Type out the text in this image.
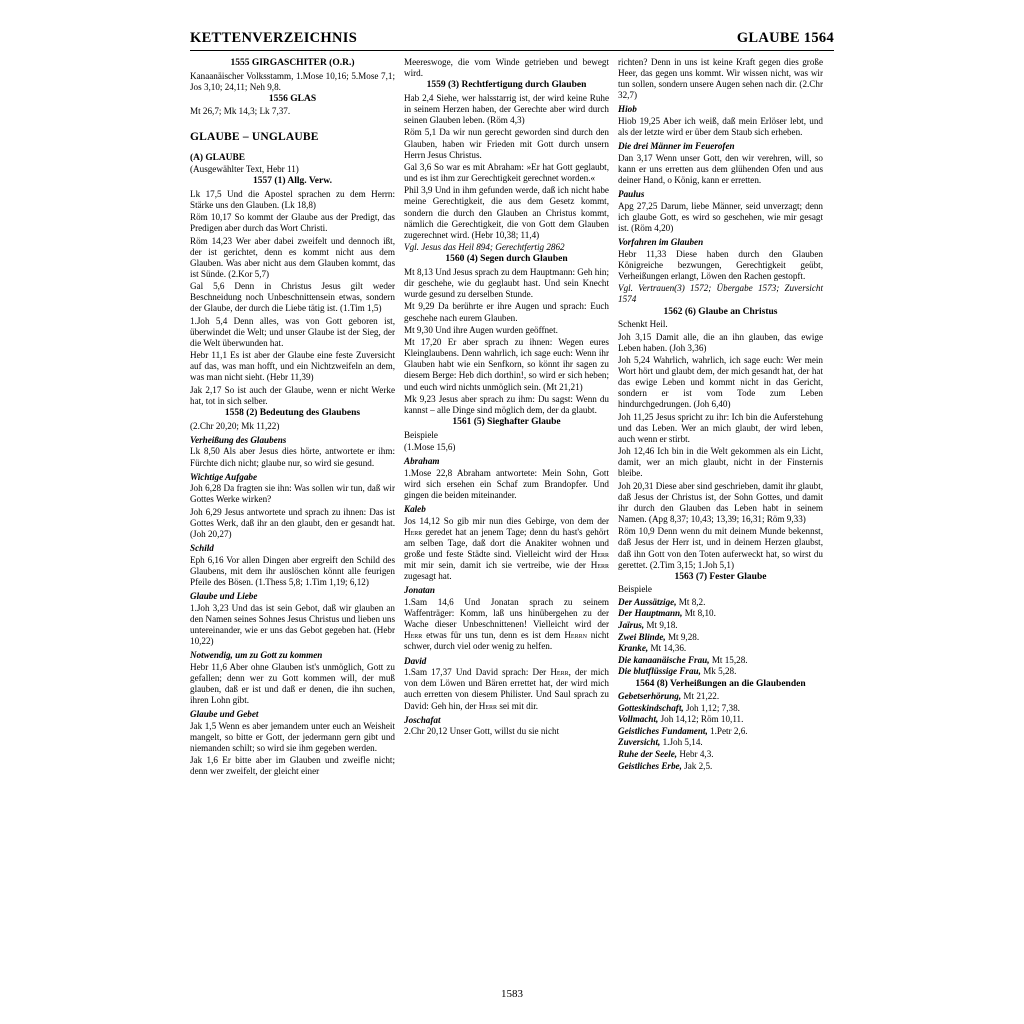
KETTENVERZEICHNIS	GLAUBE 1564
1555 GIRGASCHITER (O.R.)

Kanaanäischer Volksstamm, 1.Mose 10,16; 5.Mose 7,1; Jos 3,10; 24,11; Neh 9,8.

1556 GLAS

Mt 26,7; Mk 14,3; Lk 7,37.

GLAUBE – UNGLAUBE
(A) GLAUBE

(Ausgewählter Text, Hebr 11)

1557 (1) Allg. Verw.

Lk 17,5 Und die Apostel sprachen zu dem Herrn: Stärke uns den Glauben. (Lk 18,8)

Röm 10,17 So kommt der Glaube aus der Predigt, das Predigen aber durch das Wort Christi.

Röm 14,23 Wer aber dabei zweifelt und dennoch ißt, der ist gerichtet, denn es kommt nicht aus dem Glauben. Was aber nicht aus dem Glauben kommt, das ist Sünde. (2.Kor 5,7)

Gal 5,6 Denn in Christus Jesus gilt weder Beschneidung noch Unbeschnittensein etwas, sondern der Glaube, der durch die Liebe tätig ist. (1.Tim 1,5)

1.Joh 5,4 Denn alles, was von Gott geboren ist, überwindet die Welt; und unser Glaube ist der Sieg, der die Welt überwunden hat.

Hebr 11,1 Es ist aber der Glaube eine feste Zuversicht auf das, was man hofft, und ein Nichtzweifeln an dem, was man nicht sieht. (Hebr 11,39)

Jak 2,17 So ist auch der Glaube, wenn er nicht Werke hat, tot in sich selber.

1558 (2) Bedeutung des Glaubens

(2.Chr 20,20; Mk 11,22)

Verheißung des Glaubens

Lk 8,50 Als aber Jesus dies hörte, antwortete er ihm: Fürchte dich nicht; glaube nur, so wird sie gesund.

Wichtige Aufgabe

Joh 6,28 Da fragten sie ihn: Was sollen wir tun, daß wir Gottes Werke wirken?

Joh 6,29 Jesus antwortete und sprach zu ihnen: Das ist Gottes Werk, daß ihr an den glaubt, den er gesandt hat. (Joh 20,27)

Schild

Eph 6,16 Vor allen Dingen aber ergreift den Schild des Glaubens, mit dem ihr auslöschen könnt alle feurigen Pfeile des Bösen. (1.Thess 5,8; 1.Tim 1,19; 6,12)

Glaube und Liebe

1.Joh 3,23 Und das ist sein Gebot, daß wir glauben an den Namen seines Sohnes Jesus Christus und lieben uns untereinander, wie er uns das Gebot gegeben hat. (Hebr 10,22)

Notwendig, um zu Gott zu kommen

Hebr 11,6 Aber ohne Glauben ist's unmöglich, Gott zu gefallen; denn wer zu Gott kommen will, der muß glauben, daß er ist und daß er denen, die ihn suchen, ihren Lohn gibt.

Glaube und Gebet

Jak 1,5 Wenn es aber jemandem unter euch an Weisheit mangelt, so bitte er Gott, der jedermann gern gibt und niemanden schilt; so wird sie ihm gegeben werden.

Jak 1,6 Er bitte aber im Glauben und zweifle nicht; denn wer zweifelt, der gleicht einer

Meereswoge, die vom Winde getrieben und bewegt wird.

1559 (3) Rechtfertigung durch Glauben

Hab 2,4 Siehe, wer halsstarrig ist, der wird keine Ruhe in seinem Herzen haben, der Gerechte aber wird durch seinen Glauben leben. (Röm 4,3)

Röm 5,1 Da wir nun gerecht geworden sind durch den Glauben, haben wir Frieden mit Gott durch unsern Herrn Jesus Christus.

Gal 3,6 So war es mit Abraham: »Er hat Gott geglaubt, und es ist ihm zur Gerechtigkeit gerechnet worden.«

Phil 3,9 Und in ihm gefunden werde, daß ich nicht habe meine Gerechtigkeit, die aus dem Gesetz kommt, sondern die durch den Glauben an Christus kommt, nämlich die Gerechtigkeit, die von Gott dem Glauben zugerechnet wird. (Hebr 10,38; 11,4)

Vgl. Jesus das Heil 894; Gerechtfertig 2862

1560 (4) Segen durch Glauben

Mt 8,13 Und Jesus sprach zu dem Hauptmann: Geh hin; dir geschehe, wie du geglaubt hast. Und sein Knecht wurde gesund zu derselben Stunde.

Mt 9,29 Da berührte er ihre Augen und sprach: Euch geschehe nach eurem Glauben.

Mt 9,30 Und ihre Augen wurden geöffnet.

Mt 17,20 Er aber sprach zu ihnen: Wegen eures Kleinglaubens. Denn wahrlich, ich sage euch: Wenn ihr Glauben habt wie ein Senfkorn, so könnt ihr sagen zu diesem Berge: Heb dich dorthin!, so wird er sich heben; und euch wird nichts unmöglich sein. (Mt 21,21)

Mk 9,23 Jesus aber sprach zu ihm: Du sagst: Wenn du kannst – alle Dinge sind möglich dem, der da glaubt.

1561 (5) Sieghafter Glaube

Beispiele

(1.Mose 15,6)

Abraham

1.Mose 22,8 Abraham antwortete: Mein Sohn, Gott wird sich ersehen ein Schaf zum Brandopfer. Und gingen die beiden miteinander.

Kaleb

Jos 14,12 So gib mir nun dies Gebirge, von dem der Herr geredet hat an jenem Tage; denn du hast's gehört am selben Tage, daß dort die Anakiter wohnen und große und feste Städte sind. Vielleicht wird der Herr mit mir sein, damit ich sie vertreibe, wie der Herr zugesagt hat.

Jonatan

1.Sam 14,6 Und Jonatan sprach zu seinem Waffenträger: Komm, laß uns hinübergehen zu der Wache dieser Unbeschnittenen! Vielleicht wird der Herr etwas für uns tun, denn es ist dem Herrn nicht schwer, durch viel oder wenig zu helfen.

David

1.Sam 17,37 Und David sprach: Der Herr, der mich von dem Löwen und Bären errettet hat, der wird mich auch erretten von diesem Philister. Und Saul sprach zu David: Geh hin, der Herr sei mit dir.

Joschafat

2.Chr 20,12 Unser Gott, willst du sie nicht

richten? Denn in uns ist keine Kraft gegen dies große Heer, das gegen uns kommt. Wir wissen nicht, was wir tun sollen, sondern unsere Augen sehen nach dir. (2.Chr 32,7)

Hiob

Hiob 19,25 Aber ich weiß, daß mein Erlöser lebt, und als der letzte wird er über dem Staub sich erheben.

Die drei Männer im Feuerofen

Dan 3,17 Wenn unser Gott, den wir verehren, will, so kann er uns erretten aus dem glühenden Ofen und aus deiner Hand, o König, kann er erretten.

Paulus

Apg 27,25 Darum, liebe Männer, seid unverzagt; denn ich glaube Gott, es wird so geschehen, wie mir gesagt ist. (Röm 4,20)

Vorfahren im Glauben

Hebr 11,33 Diese haben durch den Glauben Königreiche bezwungen, Gerechtigkeit geübt, Verheißungen erlangt, Löwen den Rachen gestopft.

Vgl. Vertrauen(3) 1572; Übergabe 1573; Zuversicht 1574

1562 (6) Glaube an Christus

Schenkt Heil.

Joh 3,15 Damit alle, die an ihn glauben, das ewige Leben haben. (Joh 3,36)

Joh 5,24 Wahrlich, wahrlich, ich sage euch: Wer mein Wort hört und glaubt dem, der mich gesandt hat, der hat das ewige Leben und kommt nicht in das Gericht, sondern er ist vom Tode zum Leben hindurchgedrungen. (Joh 6,40)

Joh 11,25 Jesus spricht zu ihr: Ich bin die Auferstehung und das Leben. Wer an mich glaubt, der wird leben, auch wenn er stirbt.

Joh 12,46 Ich bin in die Welt gekommen als ein Licht, damit, wer an mich glaubt, nicht in der Finsternis bleibe.

Joh 20,31 Diese aber sind geschrieben, damit ihr glaubt, daß Jesus der Christus ist, der Sohn Gottes, und damit ihr durch den Glauben das Leben habt in seinem Namen. (Apg 8,37; 10,43; 13,39; 16,31; Röm 9,33)

Röm 10,9 Denn wenn du mit deinem Munde bekennst, daß Jesus der Herr ist, und in deinem Herzen glaubst, daß ihn Gott von den Toten auferweckt hat, so wirst du gerettet. (2.Tim 3,15; 1.Joh 5,1)

1563 (7) Fester Glaube

Beispiele

Der Aussätzige, Mt 8,2.

Der Hauptmann, Mt 8,10.

Jaïrus, Mt 9,18.

Zwei Blinde, Mt 9,28.

Kranke, Mt 14,36.

Die kanaanäische Frau, Mt 15,28.

Die blutflüssige Frau, Mk 5,28.

1564 (8) Verheißungen an die Glaubenden

Gebetserhörung, Mt 21,22.

Gotteskindschaft, Joh 1,12; 7,38.

Vollmacht, Joh 14,12; Röm 10,11.

Geistliches Fundament, 1.Petr 2,6.

Zuversicht, 1.Joh 5,14.

Ruhe der Seele, Hebr 4,3.

Geistliches Erbe, Jak 2,5.

1583
